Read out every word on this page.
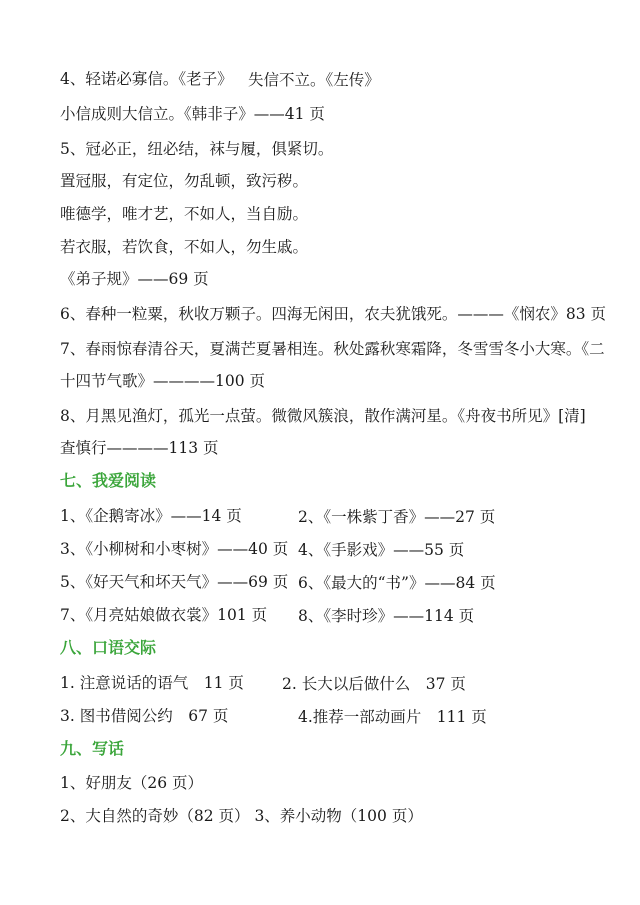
4、轻诺必寡信。《老子》 失信不立。《左传》
小信成则大信立。《韩非子》——41 页
5、冠必正，纽必结，袜与履，俱紧切。
置冠服，有定位，勿乱顿，致污秽。
唯德学，唯才艺，不如人，当自励。
若衣服，若饮食，不如人，勿生戚。
《弟子规》——69 页
6、春种一粒粟，秋收万颗子。四海无闲田，农夫犹饿死。———《悯农》83 页
7、春雨惊春清谷天，夏满芒夏暑相连。秋处露秋寒霜降，冬雪雪冬小大寒。《二
十四节气歌》————100 页
8、月黑见渔灯，孤光一点萤。微微风簇浪，散作满河星。《舟夜书所见》[清]
查慎行————113 页
七、我爱阅读
1、《企鹅寄冰》——14 页	2、《一株紫丁香》——27 页
3、《小柳树和小枣树》——40 页 4、《手影戏》——55 页
5、《好天气和坏天气》——69 页 6、《最大的“书”》——84 页
7、《月亮姑娘做衣裳》101 页 8、《李时珍》——114 页
八、口语交际
1. 注意说话的语气　11 页 2. 长大以后做什么　37 页
3. 图书借阅公约　67 页	4.推荐一部动画片　111 页
九、写话
1、好朋友（26 页）
2、大自然的奇妙（82 页） 3、养小动物（100 页）
